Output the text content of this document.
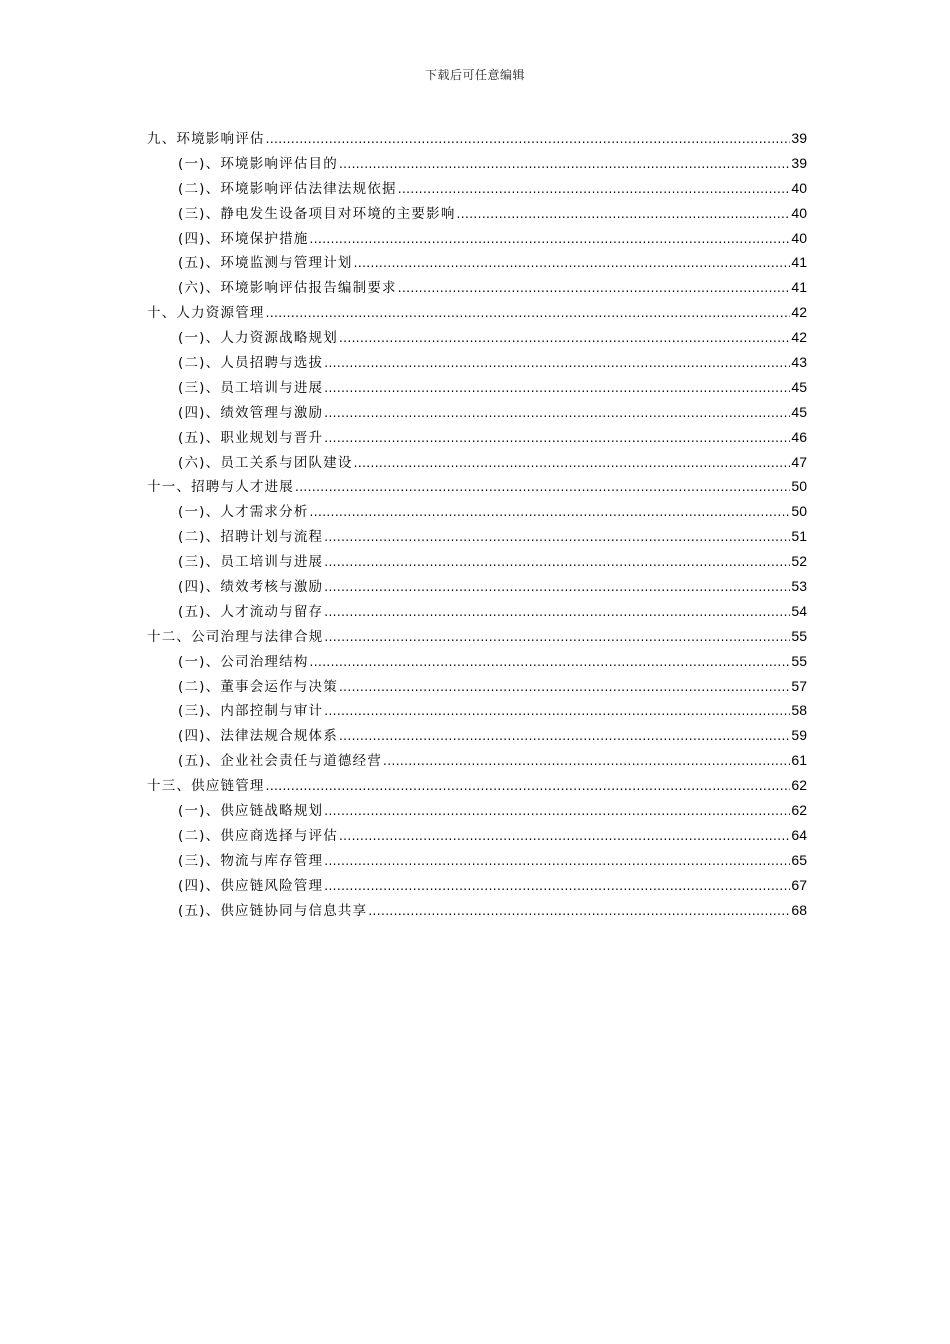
下载后可任意编辑
九、环境影响评估 .....	39
(一)、环境影响评估目的 .....	39
(二)、环境影响评估法律法规依据 .....	40
(三)、静电发生设备项目对环境的主要影响 .....	40
(四)、环境保护措施 .....	40
(五)、环境监测与管理计划 .....	41
(六)、环境影响评估报告编制要求 .....	41
十、人力资源管理 .....	42
(一)、人力资源战略规划 .....	42
(二)、人员招聘与选拔 .....	43
(三)、员工培训与进展 .....	45
(四)、绩效管理与激励 .....	45
(五)、职业规划与晋升 .....	46
(六)、员工关系与团队建设 .....	47
十一、招聘与人才进展 .....	50
(一)、人才需求分析 .....	50
(二)、招聘计划与流程 .....	51
(三)、员工培训与进展 .....	52
(四)、绩效考核与激励 .....	53
(五)、人才流动与留存 .....	54
十二、公司治理与法律合规 .....	55
(一)、公司治理结构 .....	55
(二)、董事会运作与决策 .....	57
(三)、内部控制与审计 .....	58
(四)、法律法规合规体系 .....	59
(五)、企业社会责任与道德经营 .....	61
十三、供应链管理 .....	62
(一)、供应链战略规划 .....	62
(二)、供应商选择与评估 .....	64
(三)、物流与库存管理 .....	65
(四)、供应链风险管理 .....	67
(五)、供应链协同与信息共享 .....	68
